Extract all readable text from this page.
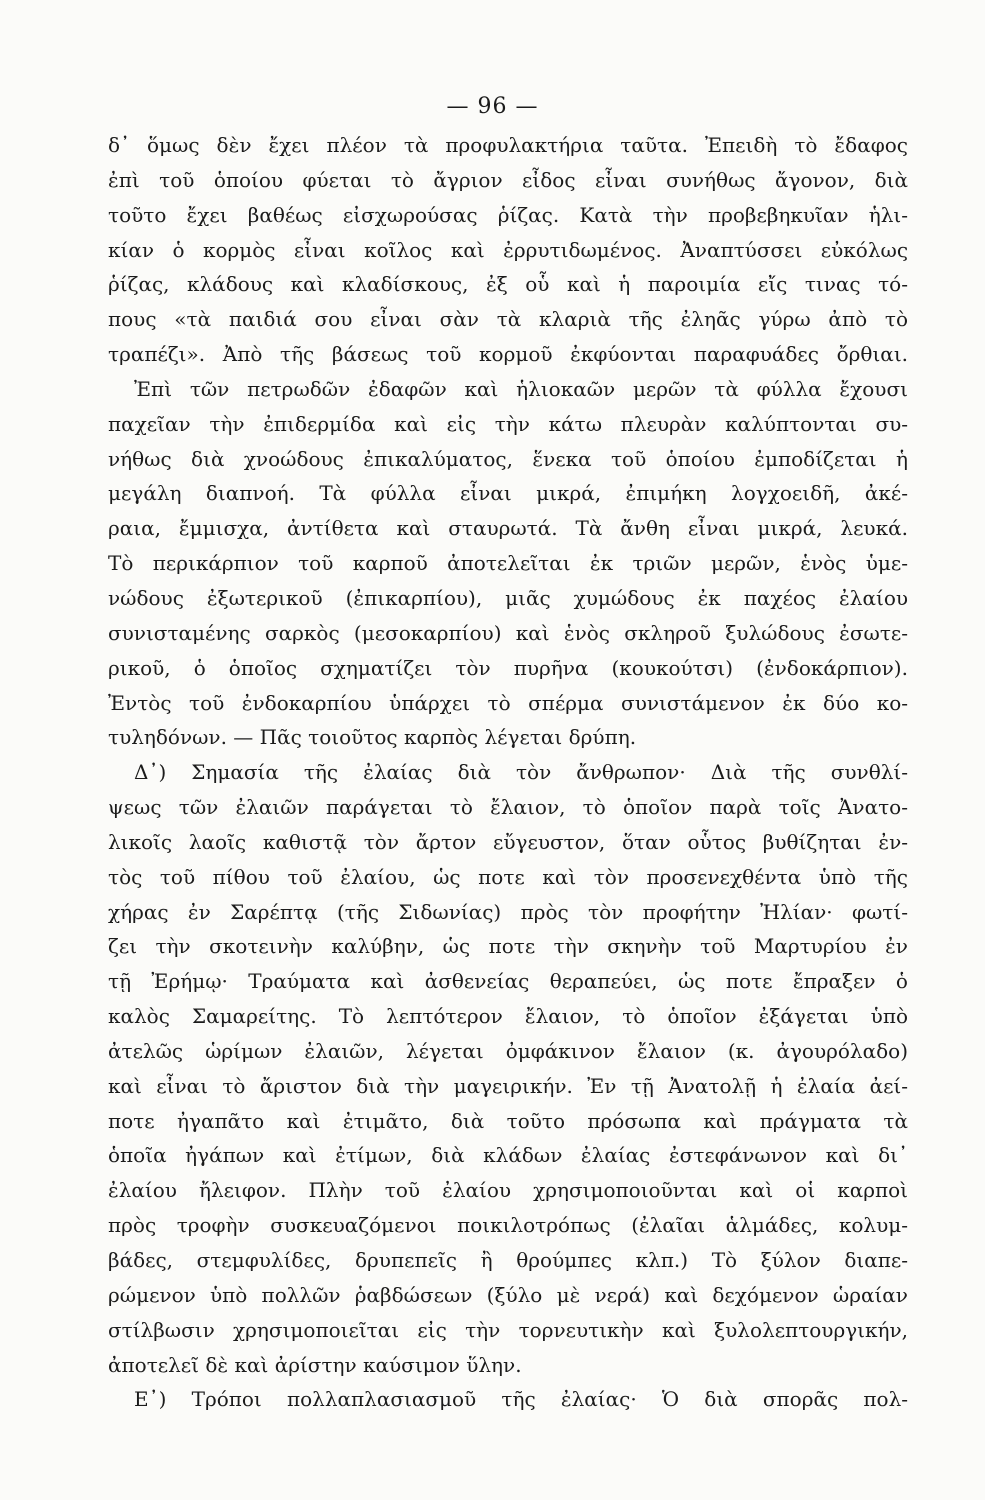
— 96 —
δ᾽ ὅμως δὲν ἔχει πλέον τὰ προφυλακτήρια ταῦτα. Ἐπειδὴ τὸ ἔδαφος
ἐπὶ τοῦ ὁποίου φύεται τὸ ἄγριον εἶδος εἶναι συνήθως ἄγονον, διὰ
τοῦτο ἔχει βαθέως εἰσχωρούσας ῥίζας. Κατὰ τὴν προβεβηκυῖαν ἡλι-
κίαν ὁ κορμὸς εἶναι κοῖλος καὶ ἐρρυτιδωμένος. Ἀναπτύσσει εὐκόλως
ῥίζας, κλάδους καὶ κλαδίσκους, ἐξ οὗ καὶ ἡ παροιμία εἴς τινας τό-
πους «τὰ παιδιά σου εἶναι σὰν τὰ κλαριὰ τῆς ἐληᾶς γύρω ἀπὸ τὸ
τραπέζι». Ἀπὸ τῆς βάσεως τοῦ κορμοῦ ἐκφύονται παραφυάδες ὄρθιαι.
Ἐπὶ τῶν πετρωδῶν ἐδαφῶν καὶ ἡλιοκαῶν μερῶν τὰ φύλλα ἔχουσι
παχεῖαν τὴν ἐπιδερμίδα καὶ εἰς τὴν κάτω πλευρὰν καλύπτονται συ-
νήθως διὰ χνοώδους ἐπικαλύματος, ἕνεκα τοῦ ὁποίου ἐμποδίζεται ἡ
μεγάλη διαπνοή. Τὰ φύλλα εἶναι μικρά, ἐπιμήκη λογχοειδῆ, ἀκέ-
ραια, ἔμμισχα, ἀντίθετα καὶ σταυρωτά. Τὰ ἄνθη εἶναι μικρά, λευκά.
Τὸ περικάρπιον τοῦ καρποῦ ἀποτελεῖται ἐκ τριῶν μερῶν, ἑνὸς ὑμε-
νώδους ἐξωτερικοῦ (ἐπικαρπίου), μιᾶς χυμώδους ἐκ παχέος ἐλαίου
συνισταμένης σαρκὸς (μεσοκαρπίου) καὶ ἑνὸς σκληροῦ ξυλώδους ἐσωτε-
ρικοῦ, ὁ ὁποῖος σχηματίζει τὸν πυρῆνα (κουκούτσι) (ἐνδοκάρπιον).
Ἐντὸς τοῦ ἐνδοκαρπίου ὑπάρχει τὸ σπέρμα συνιστάμενον ἐκ δύο κο-
τυληδόνων. — Πᾶς τοιοῦτος καρπὸς λέγεται δρύπη.
Δ᾽) Σημασία τῆς ἐλαίας διὰ τὸν ἄνθρωπον· Διὰ τῆς συνθλί-
ψεως τῶν ἐλαιῶν παράγεται τὸ ἔλαιον, τὸ ὁποῖον παρὰ τοῖς Ἀνατο-
λικοῖς λαοῖς καθιστᾷ τὸν ἄρτον εὔγευστον, ὅταν οὗτος βυθίζηται ἐν-
τὸς τοῦ πίθου τοῦ ἐλαίου, ὡς ποτε καὶ τὸν προσενεχθέντα ὑπὸ τῆς
χήρας ἐν Σαρέπτᾳ (τῆς Σιδωνίας) πρὸς τὸν προφήτην Ἠλίαν· φωτί-
ζει τὴν σκοτεινὴν καλύβην, ὡς ποτε τὴν σκηνὴν τοῦ Μαρτυρίου ἐν
τῇ Ἐρήμῳ· Τραύματα καὶ ἀσθενείας θεραπεύει, ὡς ποτε ἔπραξεν ὁ
καλὸς Σαμαρείτης. Τὸ λεπτότερον ἔλαιον, τὸ ὁποῖον ἐξάγεται ὑπὸ
ἀτελῶς ὡρίμων ἐλαιῶν, λέγεται ὀμφάκινον ἔλαιον (κ. ἀγουρόλαδο)
καὶ εἶναι τὸ ἄριστον διὰ τὴν μαγειρικήν. Ἐν τῇ Ἀνατολῇ ἡ ἐλαία ἀεί-
ποτε ἠγαπᾶτο καὶ ἐτιμᾶτο, διὰ τοῦτο πρόσωπα καὶ πράγματα τὰ
ὁποῖα ἠγάπων καὶ ἐτίμων, διὰ κλάδων ἐλαίας ἐστεφάνωνον καὶ δι᾽
ἐλαίου ἤλειφον. Πλὴν τοῦ ἐλαίου χρησιμοποιοῦνται καὶ οἱ καρποὶ
πρὸς τροφὴν συσκευαζόμενοι ποικιλοτρόπως (ἐλαῖαι ἁλμάδες, κολυμ-
βάδες, στεμφυλίδες, δρυπεπεῖς ἢ θρούμπες κλπ.) Τὸ ξύλον διαπε-
ρώμενον ὑπὸ πολλῶν ῥαβδώσεων (ξύλο μὲ νερά) καὶ δεχόμενον ὡραίαν
στίλβωσιν χρησιμοποιεῖται εἰς τὴν τορνευτικὴν καὶ ξυλολεπτουργικήν,
ἀποτελεῖ δὲ καὶ ἀρίστην καύσιμον ὕλην.
Ε᾽) Τρόποι πολλαπλασιασμοῦ τῆς ἐλαίας· Ὁ διὰ σπορᾶς πολ-
